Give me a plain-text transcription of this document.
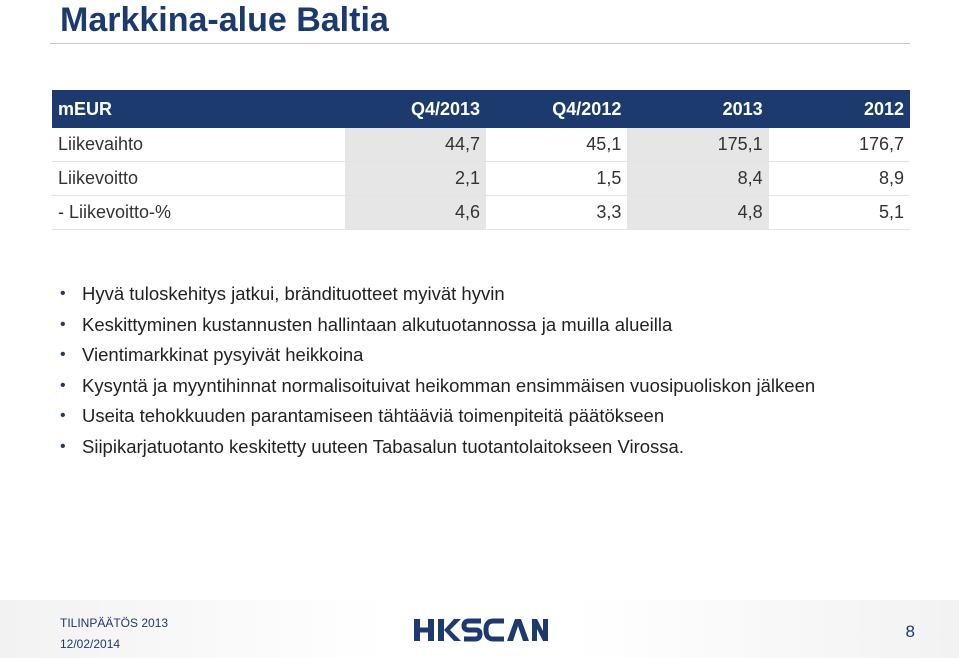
Markkina-alue Baltia
mEUR	Q4/2013	Q4/2012	2013	2012
Liikevaihto	44,7	45,1	175,1	176,7
Liikevoitto	2,1	1,5	8,4	8,9
- Liikevoitto-%	4,6	3,3	4,8	5,1
• Hyvä tuloskehitys jatkui, brändituotteet myivät hyvin
• Keskittyminen kustannusten hallintaan alkutuotannossa ja muilla alueilla
• Vientimarkkinat pysyivät heikkoina
• Kysyntä ja myyntihinnat normalisoituivat heikomman ensimmäisen vuosipuoliskon jälkeen
• Useita tehokkuuden parantamiseen tähtääviä toimenpiteitä päätökseen
• Siipikarjatuotanto keskitetty uuteen Tabasalun tuotantolaitokseen Virossa.
TILINPÄÄTÖS 2013
12/02/2014
8
